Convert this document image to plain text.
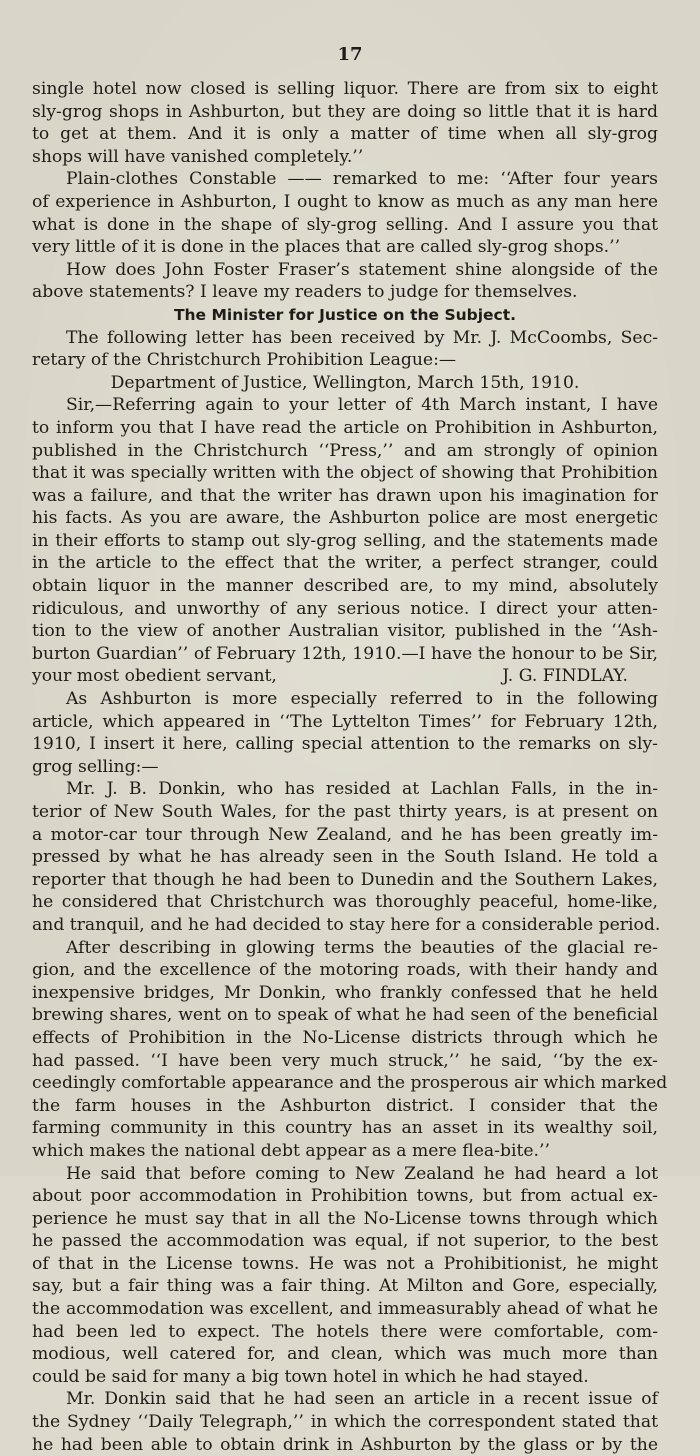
17
single hotel now closed is selling liquor. There are from six to eight
sly-grog shops in Ashburton, but they are doing so little that it is hard
to get at them. And it is only a matter of time when all sly-grog
shops will have vanished completely.’’
Plain-clothes Constable —— remarked to me: ‘‘After four years
of experience in Ashburton, I ought to know as much as any man here
what is done in the shape of sly-grog selling. And I assure you that
very little of it is done in the places that are called sly-grog shops.’’
How does John Foster Fraser’s statement shine alongside of the
above statements? I leave my readers to judge for themselves.
The Minister for Justice on the Subject.
The following letter has been received by Mr. J. McCoombs, Sec-
retary of the Christchurch Prohibition League:—
Department of Justice, Wellington, March 15th, 1910.
Sir,—Referring again to your letter of 4th March instant, I have
to inform you that I have read the article on Prohibition in Ashburton,
published in the Christchurch ‘‘Press,’’ and am strongly of opinion
that it was specially written with the object of showing that Prohibition
was a failure, and that the writer has drawn upon his imagination for
his facts. As you are aware, the Ashburton police are most energetic
in their efforts to stamp out sly-grog selling, and the statements made
in the article to the effect that the writer, a perfect stranger, could
obtain liquor in the manner described are, to my mind, absolutely
ridiculous, and unworthy of any serious notice. I direct your atten-
tion to the view of another Australian visitor, published in the ‘‘Ash-
burton Guardian’’ of February 12th, 1910.—I have the honour to be Sir,
your most obedient servant,	J. G. FINDLAY.
As Ashburton is more especially referred to in the following
article, which appeared in ‘‘The Lyttelton Times’’ for February 12th,
1910, I insert it here, calling special attention to the remarks on sly-
grog selling:—
Mr. J. B. Donkin, who has resided at Lachlan Falls, in the in-
terior of New South Wales, for the past thirty years, is at present on
a motor-car tour through New Zealand, and he has been greatly im-
pressed by what he has already seen in the South Island. He told a
reporter that though he had been to Dunedin and the Southern Lakes,
he considered that Christchurch was thoroughly peaceful, home-like,
and tranquil, and he had decided to stay here for a considerable period.
After describing in glowing terms the beauties of the glacial re-
gion, and the excellence of the motoring roads, with their handy and
inexpensive bridges, Mr Donkin, who frankly confessed that he held
brewing shares, went on to speak of what he had seen of the beneficial
effects of Prohibition in the No-License districts through which he
had passed. ‘‘I have been very much struck,’’ he said, ‘‘by the ex-
ceedingly comfortable appearance and the prosperous air which marked
the farm houses in the Ashburton district. I consider that the
farming community in this country has an asset in its wealthy soil,
which makes the national debt appear as a mere flea-bite.’’
He said that before coming to New Zealand he had heard a lot
about poor accommodation in Prohibition towns, but from actual ex-
perience he must say that in all the No-License towns through which
he passed the accommodation was equal, if not superior, to the best
of that in the License towns. He was not a Prohibitionist, he might
say, but a fair thing was a fair thing. At Milton and Gore, especially,
the accommodation was excellent, and immeasurably ahead of what he
had been led to expect. The hotels there were comfortable, com-
modious, well catered for, and clean, which was much more than
could be said for many a big town hotel in which he had stayed.
Mr. Donkin said that he had seen an article in a recent issue of
the Sydney ‘‘Daily Telegraph,’’ in which the correspondent stated that
he had been able to obtain drink in Ashburton by the glass or by the
